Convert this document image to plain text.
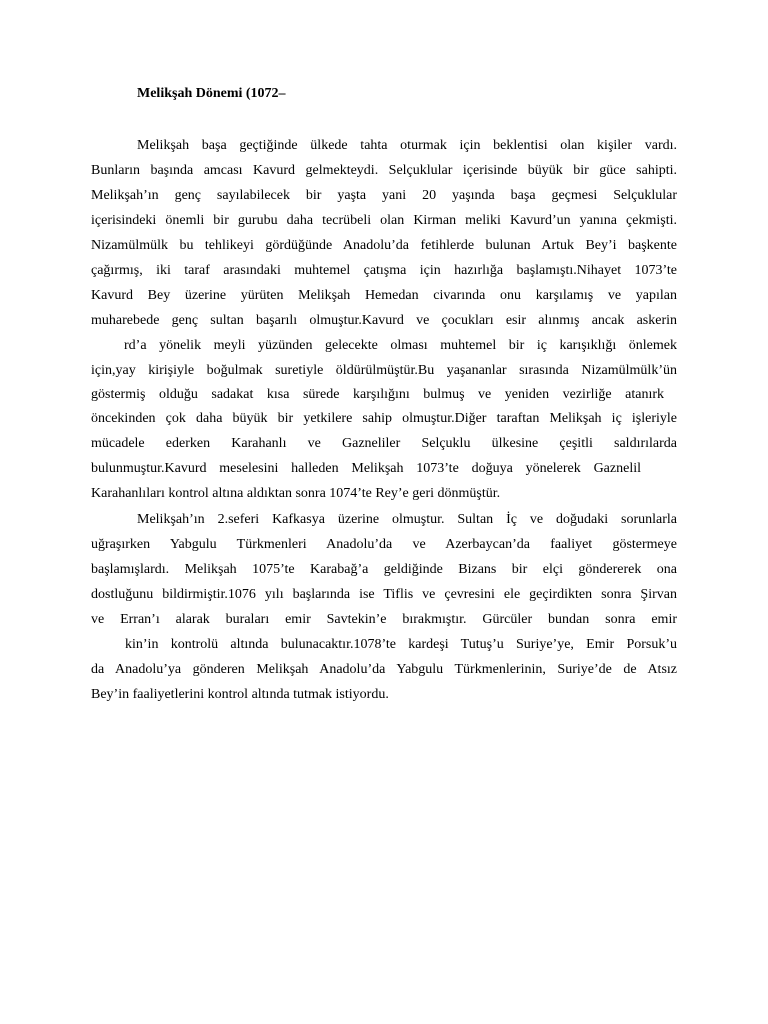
Melikşah Dönemi (1072–
Melikşah başa geçtiğinde ülkede tahta oturmak için beklentisi olan kişiler vardı.
Bunların başında amcası Kavurd gelmekteydi. Selçuklular içerisinde büyük bir güce sahipti.
Melikşah’ın genç sayılabilecek bir yaşta yani 20 yaşında başa geçmesi Selçuklular
içerisindeki önemli bir gurubu daha tecrübeli olan Kirman meliki Kavurd’un yanına çekmişti.
Nizamülmülk bu tehlikeyi gördüğünde Anadolu’da fetihlerde bulunan Artuk Bey’i başkente
çağırmış, iki taraf arasındaki muhtemel çatışma için hazırlığa başlamıştı.Nihayet 1073’te
Kavurd Bey üzerine yürüten Melikşah Hemedan civarında onu karşılamış ve yapılan
muharebede genç sultan başarılı olmuştur.Kavurd ve çocukları esir alınmış ancak askerin
rd’a yönelik meyli yüzünden gelecekte olması muhtemel bir iç karışıklığı önlemek
için,yay kirişiyle boğulmak suretiyle öldürülmüştür.Bu yaşananlar sırasında Nizamülmülk’ün
göstermiş olduğu sadakat kısa sürede karşılığını bulmuş ve yeniden vezirliğe atanırk
öncekinden çok daha büyük bir yetkilere sahip olmuştur.Diğer taraftan Melikşah iç işleriyle
mücadele ederken Karahanlı ve Gazneliler Selçuklu ülkesine çeşitli saldırılarda
bulunmuştur.Kavurd meselesini halleden Melikşah 1073’te doğuya yönelerek Gaznelil
Karahanlıları kontrol altına aldıktan sonra 1074’te Rey’e geri dönmüştür.
Melikşah’ın 2.seferi Kafkasya üzerine olmuştur. Sultan İç ve doğudaki sorunlarla
uğraşırken Yabgulu Türkmenleri Anadolu’da ve Azerbaycan’da faaliyet göstermeye
başlamışlardı. Melikşah 1075’te Karabağ’a geldiğinde Bizans bir elçi göndererek ona
dostluğunu bildirmiştir.1076 yılı başlarında ise Tiflis ve çevresini ele geçirdikten sonra Şirvan
ve Erran’ı alarak buraları emir Savtekin’e bırakmıştır. Gürcüler bundan sonra emir
kin’in kontrolü altında bulunacaktır.1078’te kardeşi Tutuş’u Suriye’ye, Emir Porsuk’u
da Anadolu’ya gönderen Melikşah Anadolu’da Yabgulu Türkmenlerinin, Suriye’de de Atsız
Bey’in faaliyetlerini kontrol altında tutmak istiyordu.
